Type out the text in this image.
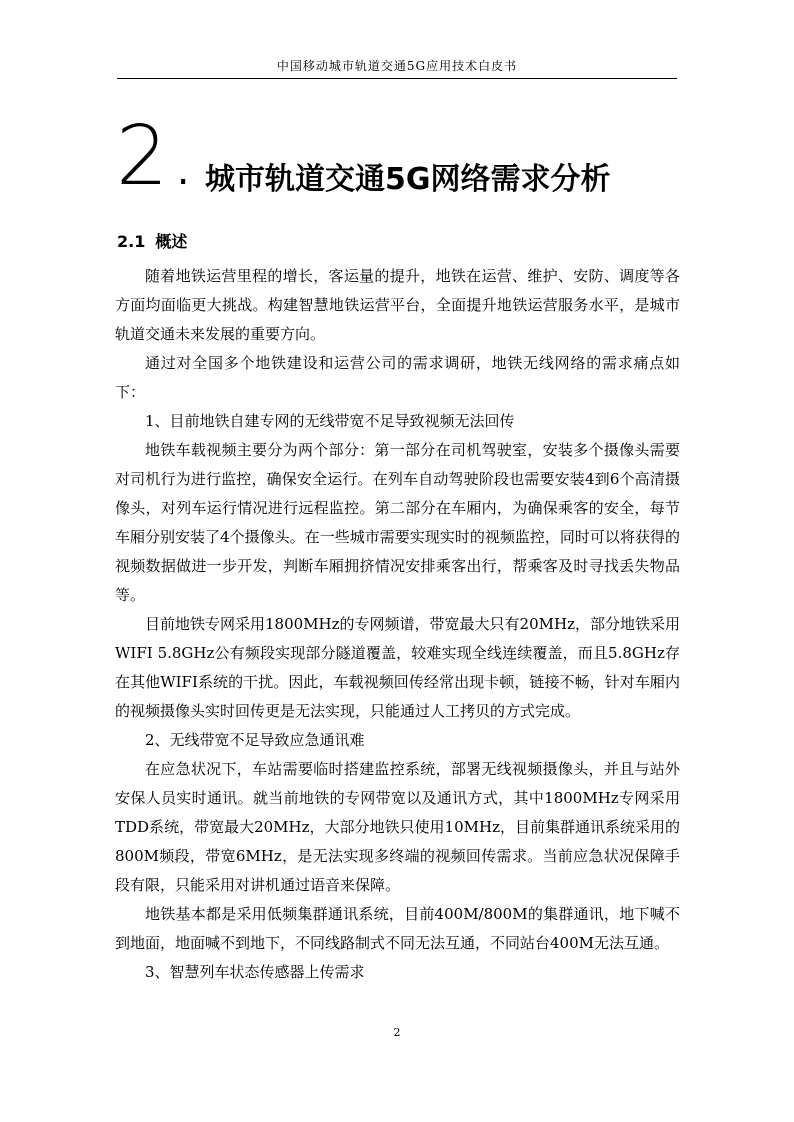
中国移动城市轨道交通5G应用技术白皮书
2. 城市轨道交通5G网络需求分析
2.1 概述

随着地铁运营里程的增长，客运量的提升，地铁在运营、维护、安防、调度等各方面均面临更大挑战。构建智慧地铁运营平台，全面提升地铁运营服务水平，是城市轨道交通未来发展的重要方向。

通过对全国多个地铁建设和运营公司的需求调研，地铁无线网络的需求痛点如下：

1、目前地铁自建专网的无线带宽不足导致视频无法回传

地铁车载视频主要分为两个部分：第一部分在司机驾驶室，安装多个摄像头需要对司机行为进行监控，确保安全运行。在列车自动驾驶阶段也需要安装4到6个高清摄像头，对列车运行情况进行远程监控。第二部分在车厢内，为确保乘客的安全，每节车厢分别安装了4个摄像头。在一些城市需要实现实时的视频监控，同时可以将获得的视频数据做进一步开发，判断车厢拥挤情况安排乘客出行，帮乘客及时寻找丢失物品等。

目前地铁专网采用1800MHz的专网频谱，带宽最大只有20MHz，部分地铁采用WIFI 5.8GHz公有频段实现部分隧道覆盖，较难实现全线连续覆盖，而且5.8GHz存在其他WIFI系统的干扰。因此，车载视频回传经常出现卡顿，链接不畅，针对车厢内的视频摄像头实时回传更是无法实现，只能通过人工拷贝的方式完成。

2、无线带宽不足导致应急通讯难

在应急状况下，车站需要临时搭建监控系统，部署无线视频摄像头，并且与站外安保人员实时通讯。就当前地铁的专网带宽以及通讯方式，其中1800MHz专网采用TDD系统，带宽最大20MHz，大部分地铁只使用10MHz，目前集群通讯系统采用的800M频段，带宽6MHz，是无法实现多终端的视频回传需求。当前应急状况保障手段有限，只能采用对讲机通过语音来保障。

地铁基本都是采用低频集群通讯系统，目前400M/800M的集群通讯，地下喊不到地面，地面喊不到地下，不同线路制式不同无法互通，不同站台400M无法互通。

3、智慧列车状态传感器上传需求

2
